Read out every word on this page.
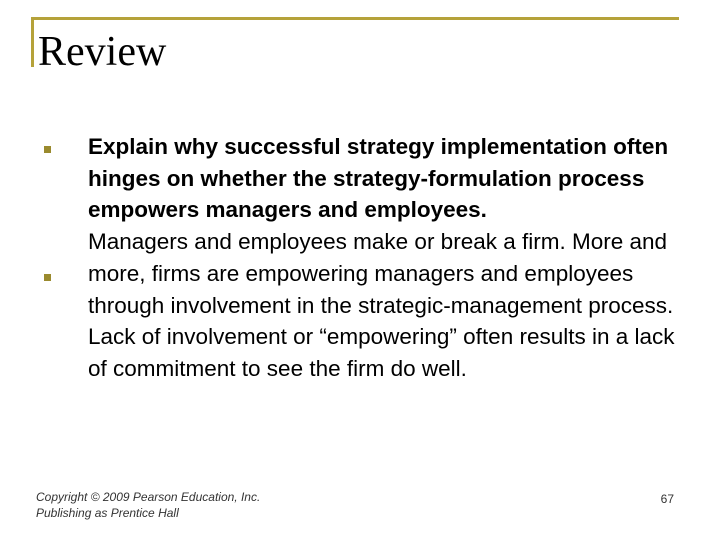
Review

Explain why successful strategy implementation often hinges on whether the strategy-formulation process empowers managers and employees.

Managers and employees make or break a firm. More and more, firms are empowering managers and employees through involvement in the strategic-management process. Lack of involvement or “empowering” often results in a lack of commitment to see the firm do well.

Copyright © 2009 Pearson Education, Inc.
Publishing as Prentice Hall
67
